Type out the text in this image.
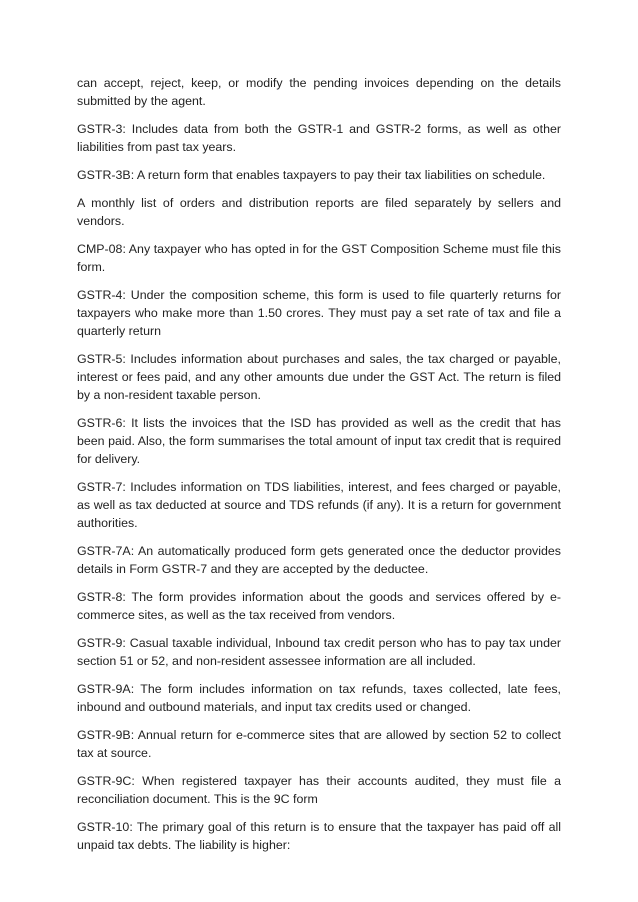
can accept, reject, keep, or modify the pending invoices depending on the details submitted by the agent.

GSTR-3: Includes data from both the GSTR-1 and GSTR-2 forms, as well as other liabilities from past tax years.

GSTR-3B: A return form that enables taxpayers to pay their tax liabilities on schedule.

A monthly list of orders and distribution reports are filed separately by sellers and vendors.

CMP-08: Any taxpayer who has opted in for the GST Composition Scheme must file this form.

GSTR-4: Under the composition scheme, this form is used to file quarterly returns for taxpayers who make more than 1.50 crores. They must pay a set rate of tax and file a quarterly return

GSTR-5: Includes information about purchases and sales, the tax charged or payable, interest or fees paid, and any other amounts due under the GST Act. The return is filed by a non-resident taxable person.

GSTR-6: It lists the invoices that the ISD has provided as well as the credit that has been paid. Also, the form summarises the total amount of input tax credit that is required for delivery.

GSTR-7: Includes information on TDS liabilities, interest, and fees charged or payable, as well as tax deducted at source and TDS refunds (if any). It is a return for government authorities.

GSTR-7A: An automatically produced form gets generated once the deductor provides details in Form GSTR-7 and they are accepted by the deductee.

GSTR-8: The form provides information about the goods and services offered by e-commerce sites, as well as the tax received from vendors.

GSTR-9: Casual taxable individual, Inbound tax credit person who has to pay tax under section 51 or 52, and non-resident assessee information are all included.

GSTR-9A: The form includes information on tax refunds, taxes collected, late fees, inbound and outbound materials, and input tax credits used or changed.

GSTR-9B: Annual return for e-commerce sites that are allowed by section 52 to collect tax at source.

GSTR-9C: When registered taxpayer has their accounts audited, they must file a reconciliation document. This is the 9C form

GSTR-10: The primary goal of this return is to ensure that the taxpayer has paid off all unpaid tax debts. The liability is higher:
